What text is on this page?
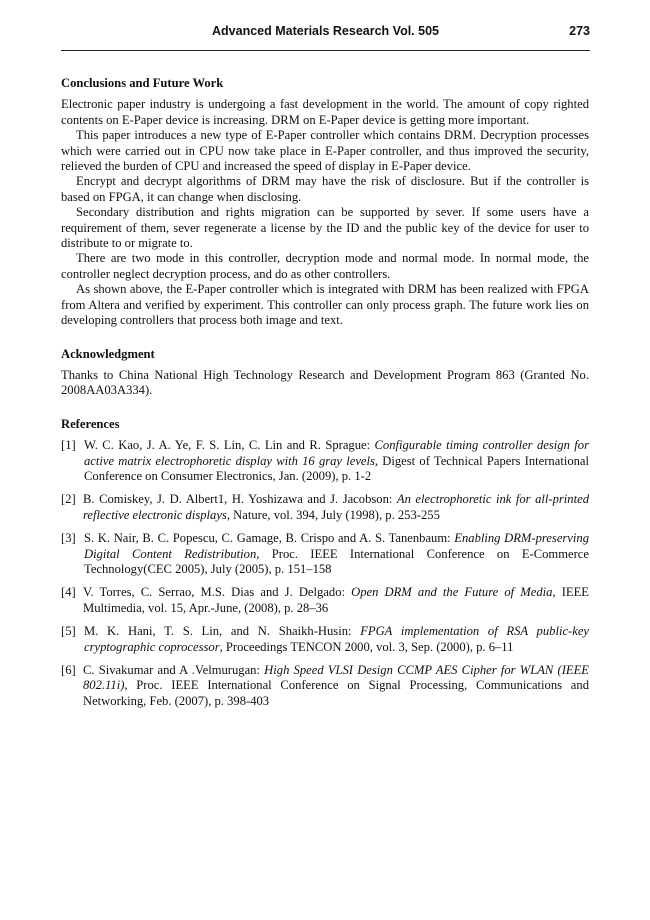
Advanced Materials Research Vol. 505	273
Conclusions and Future Work

Electronic paper industry is undergoing a fast development in the world. The amount of copy righted contents on E-Paper device is increasing. DRM on E-Paper device is getting more important.

This paper introduces a new type of E-Paper controller which contains DRM. Decryption processes which were carried out in CPU now take place in E-Paper controller, and thus improved the security, relieved the burden of CPU and increased the speed of display in E-Paper device.

Encrypt and decrypt algorithms of DRM may have the risk of disclosure. But if the controller is based on FPGA, it can change when disclosing.

Secondary distribution and rights migration can be supported by sever. If some users have a requirement of them, sever regenerate a license by the ID and the public key of the device for user to distribute to or migrate to.

There are two mode in this controller, decryption mode and normal mode. In normal mode, the controller neglect decryption process, and do as other controllers.

As shown above, the E-Paper controller which is integrated with DRM has been realized with FPGA from Altera and verified by experiment. This controller can only process graph. The future work lies on developing controllers that process both image and text.

Acknowledgment

Thanks to China National High Technology Research and Development Program 863 (Granted No. 2008AA03A334).

References
[1] W. C. Kao, J. A. Ye, F. S. Lin, C. Lin and R. Sprague: Configurable timing controller design for active matrix electrophoretic display with 16 gray levels, Digest of Technical Papers International Conference on Consumer Electronics, Jan. (2009), p. 1-2
[2] B. Comiskey, J. D. Albert1, H. Yoshizawa and J. Jacobson: An electrophoretic ink for all-printed reflective electronic displays, Nature, vol. 394, July (1998), p. 253-255
[3] S. K. Nair, B. C. Popescu, C. Gamage, B. Crispo and A. S. Tanenbaum: Enabling DRM-preserving Digital Content Redistribution, Proc. IEEE International Conference on E-Commerce Technology(CEC 2005), July (2005), p. 151–158
[4] V. Torres, C. Serrao, M.S. Dias and J. Delgado: Open DRM and the Future of Media, IEEE Multimedia, vol. 15, Apr.-June, (2008), p. 28–36
[5] M. K. Hani, T. S. Lin, and N. Shaikh-Husin: FPGA implementation of RSA public-key cryptographic coprocessor, Proceedings TENCON 2000, vol. 3, Sep. (2000), p. 6–11
[6] C. Sivakumar and A .Velmurugan: High Speed VLSI Design CCMP AES Cipher for WLAN (IEEE 802.11i), Proc. IEEE International Conference on Signal Processing, Communications and Networking, Feb. (2007), p. 398-403
